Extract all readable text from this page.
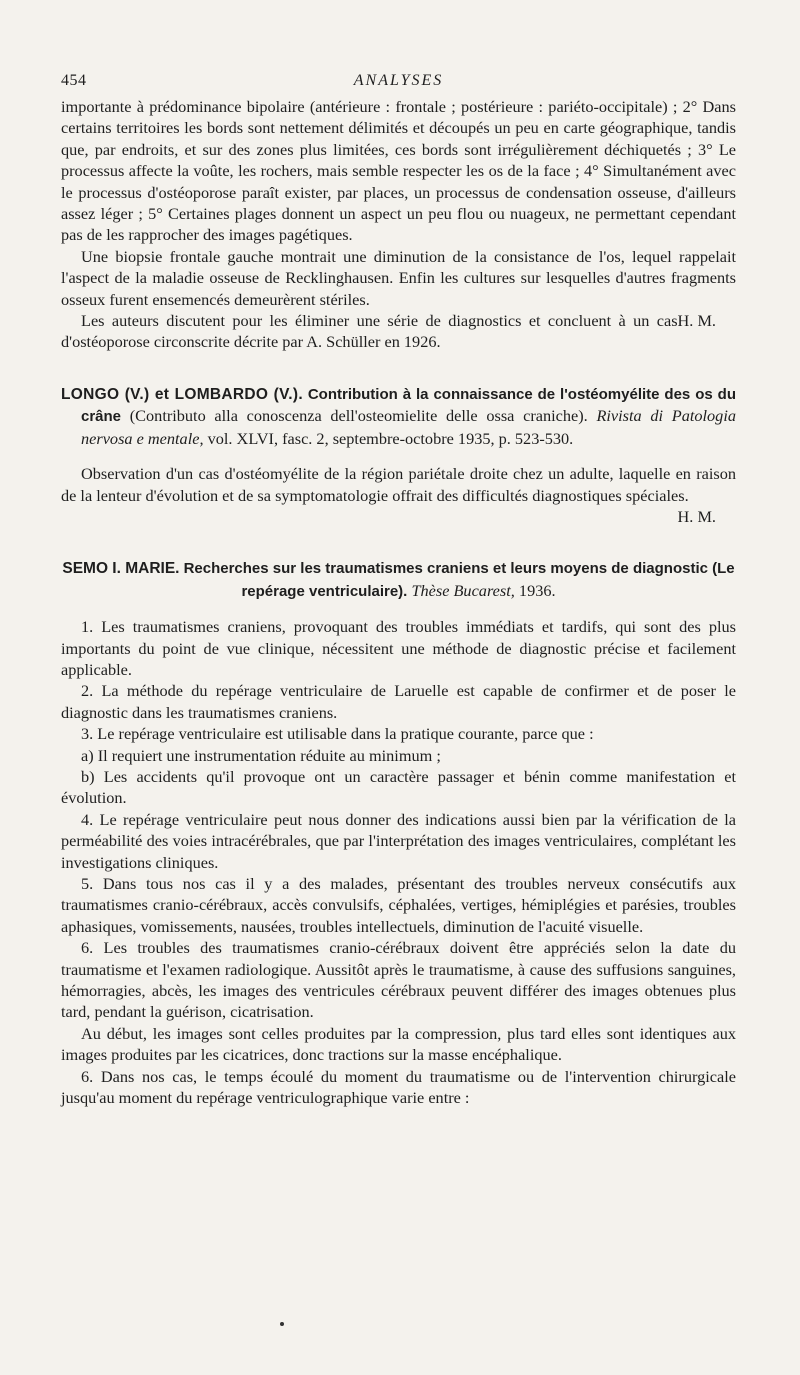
454	ANALYSES

importante à prédominance bipolaire (antérieure : frontale ; postérieure : pariéto-occipitale) ; 2° Dans certains territoires les bords sont nettement délimités et découpés un peu en carte géographique, tandis que, par endroits, et sur des zones plus limitées, ces bords sont irrégulièrement déchiquetés ; 3° Le processus affecte la voûte, les rochers, mais semble respecter les os de la face ; 4° Simultanément avec le processus d'ostéoporose paraît exister, par places, un processus de condensation osseuse, d'ailleurs assez léger ; 5° Certaines plages donnent un aspect un peu flou ou nuageux, ne permettant cependant pas de les rapprocher des images pagétiques.

Une biopsie frontale gauche montrait une diminution de la consistance de l'os, lequel rappelait l'aspect de la maladie osseuse de Recklinghausen. Enfin les cultures sur lesquelles d'autres fragments osseux furent ensemencés demeurèrent stériles.

H. M.
Les auteurs discutent pour les éliminer une série de diagnostics et concluent à un cas d'ostéoporose circonscrite décrite par A. Schüller en 1926.

LONGO (V.) et LOMBARDO (V.). Contribution à la connaissance de l'ostéomyélite des os du crâne (Contributo alla conoscenza dell'osteomielite delle ossa craniche). Rivista di Patologia nervosa e mentale, vol. XLVI, fasc. 2, septembre-octobre 1935, p. 523-530.

Observation d'un cas d'ostéomyélite de la région pariétale droite chez un adulte, laquelle en raison de la lenteur d'évolution et de sa symptomatologie offrait des difficultés diagnostiques spéciales.
H. M.

SEMO I. MARIE. Recherches sur les traumatismes craniens et leurs moyens de diagnostic (Le repérage ventriculaire). Thèse Bucarest, 1936.

1. Les traumatismes craniens, provoquant des troubles immédiats et tardifs, qui sont des plus importants du point de vue clinique, nécessitent une méthode de diagnostic précise et facilement applicable.

2. La méthode du repérage ventriculaire de Laruelle est capable de confirmer et de poser le diagnostic dans les traumatismes craniens.

3. Le repérage ventriculaire est utilisable dans la pratique courante, parce que :

a) Il requiert une instrumentation réduite au minimum ;

b) Les accidents qu'il provoque ont un caractère passager et bénin comme manifestation et évolution.

4. Le repérage ventriculaire peut nous donner des indications aussi bien par la vérification de la perméabilité des voies intracérébrales, que par l'interprétation des images ventriculaires, complétant les investigations cliniques.

5. Dans tous nos cas il y a des malades, présentant des troubles nerveux consécutifs aux traumatismes cranio-cérébraux, accès convulsifs, céphalées, vertiges, hémiplégies et parésies, troubles aphasiques, vomissements, nausées, troubles intellectuels, diminution de l'acuité visuelle.

6. Les troubles des traumatismes cranio-cérébraux doivent être appréciés selon la date du traumatisme et l'examen radiologique. Aussitôt après le traumatisme, à cause des suffusions sanguines, hémorragies, abcès, les images des ventricules cérébraux peuvent différer des images obtenues plus tard, pendant la guérison, cicatrisation.

Au début, les images sont celles produites par la compression, plus tard elles sont identiques aux images produites par les cicatrices, donc tractions sur la masse encéphalique.

6. Dans nos cas, le temps écoulé du moment du traumatisme ou de l'intervention chirurgicale jusqu'au moment du repérage ventriculographique varie entre :
